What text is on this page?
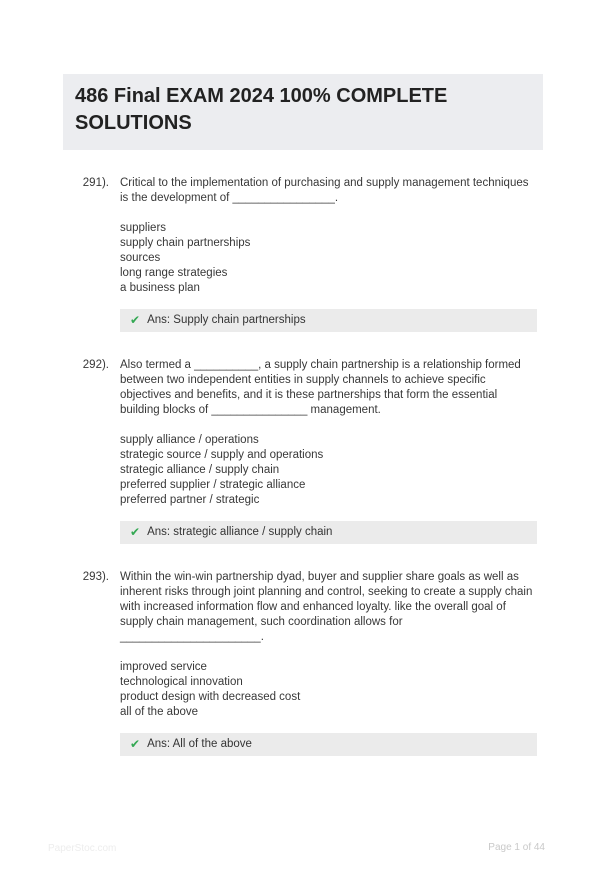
486 Final EXAM 2024 100% COMPLETE SOLUTIONS
291). Critical to the implementation of purchasing and supply management techniques is the development of ________________.
suppliers
supply chain partnerships
sources
long range strategies
a business plan
✔
Ans: Supply chain partnerships
292). Also termed a __________, a supply chain partnership is a relationship formed between two independent entities in supply channels to achieve specific objectives and benefits, and it is these partnerships that form the essential building blocks of _______________ management.
supply alliance / operations
strategic source / supply and operations
strategic alliance / supply chain
preferred supplier / strategic alliance
preferred partner / strategic
✔
Ans: strategic alliance / supply chain
293). Within the win-win partnership dyad, buyer and supplier share goals as well as inherent risks through joint planning and control, seeking to create a supply chain with increased information flow and enhanced loyalty. like the overall goal of supply chain management, such coordination allows for ______________________.
improved service
technological innovation
product design with decreased cost
all of the above
✔
Ans: All of the above
PaperStoc.com	Page 1 of 44
